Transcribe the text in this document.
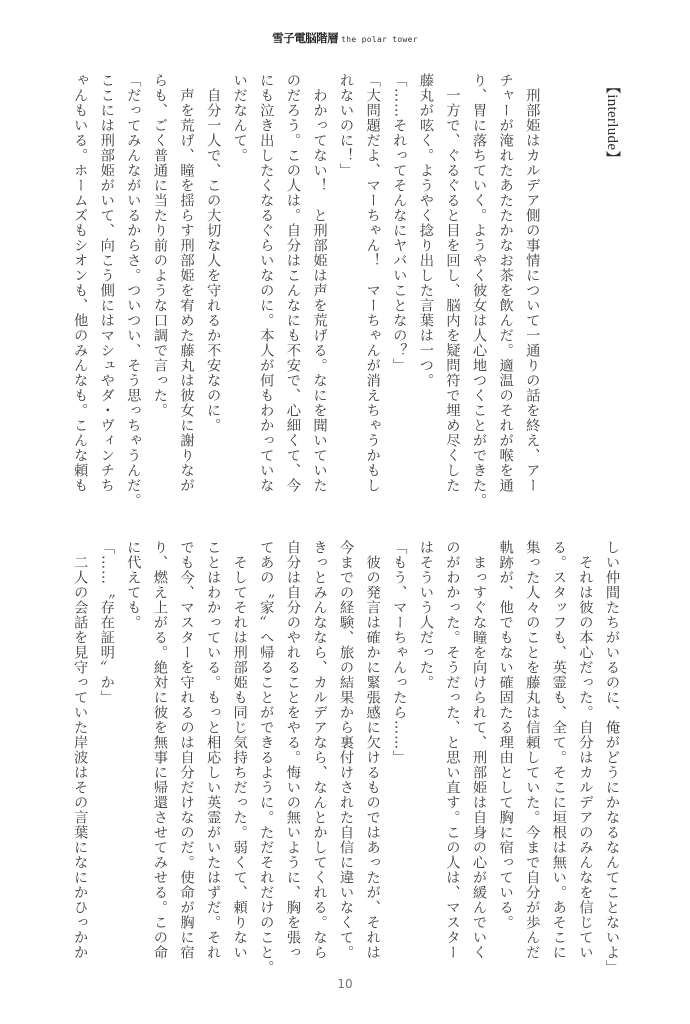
雪子電脳階層 the polar tower
【interlude】
　刑部姫はカルデア側の事情について一通りの話を終え、アー
チャーが淹れたあたたかなお茶を飲んだ。適温のそれが喉を通
り、胃に落ちていく。ようやく彼女は人心地つくことができた。
　一方で、ぐるぐると目を回し、脳内を疑問符で埋め尽くした
藤丸が呟く。ようやく捻り出した言葉は一つ。
「……それってそんなにヤバいことなの？」
「大問題だよ、マーちゃん！　マーちゃんが消えちゃうかもし
れないのに！」
　わかってない！　と刑部姫は声を荒げる。なにを聞いていた
のだろう。この人は。自分はこんなにも不安で、心細くて、今
にも泣き出したくなるぐらいなのに。本人が何もわかっていな
いだなんて。
　自分一人で、この大切な人を守れるか不安なのに。
　声を荒げ、瞳を揺らす刑部姫を宥めた藤丸は彼女に謝りなが
らも、ごく普通に当たり前のような口調で言った。
「だってみんながいるからさ。ついつい、そう思っちゃうんだ。
ここには刑部姫がいて、向こう側にはマシュやダ・ヴィンチち
ゃんもいる。ホームズもシオンも、他のみんなも。こんな頼も
しい仲間たちがいるのに、俺がどうにかなるなんてことないよ」
　それは彼の本心だった。自分はカルデアのみんなを信じてい
る。スタッフも、英霊も、全て。そこに垣根は無い。あそこに
集った人々のことを藤丸は信頼していた。今まで自分が歩んだ
軌跡が、他でもない確固たる理由として胸に宿っている。
　まっすぐな瞳を向けられて、刑部姫は自身の心が緩んでいく
のがわかった。そうだった、と思い直す。この人は、マスター
はそういう人だった。
「もう、マーちゃんったら……」
　彼の発言は確かに緊張感に欠けるものではあったが、それは
今までの経験、旅の結果から裏付けされた自信に違いなくて。
きっとみんななら、カルデアなら、なんとかしてくれる。なら
自分は自分のやれることをやる。悔いの無いように、胸を張っ
てあの〝家〟へ帰ることができるように。ただそれだけのこと。
　そしてそれは刑部姫も同じ気持ちだった。弱くて、頼りない
ことはわかっている。もっと相応しい英霊がいたはずだ。それ
でも今、マスターを守れるのは自分だけなのだ。使命が胸に宿
り、燃え上がる。絶対に彼を無事に帰還させてみせる。この命
に代えても。
「……〝存在証明〟か」
　二人の会話を見守っていた岸波はその言葉になにかひっかか
10
